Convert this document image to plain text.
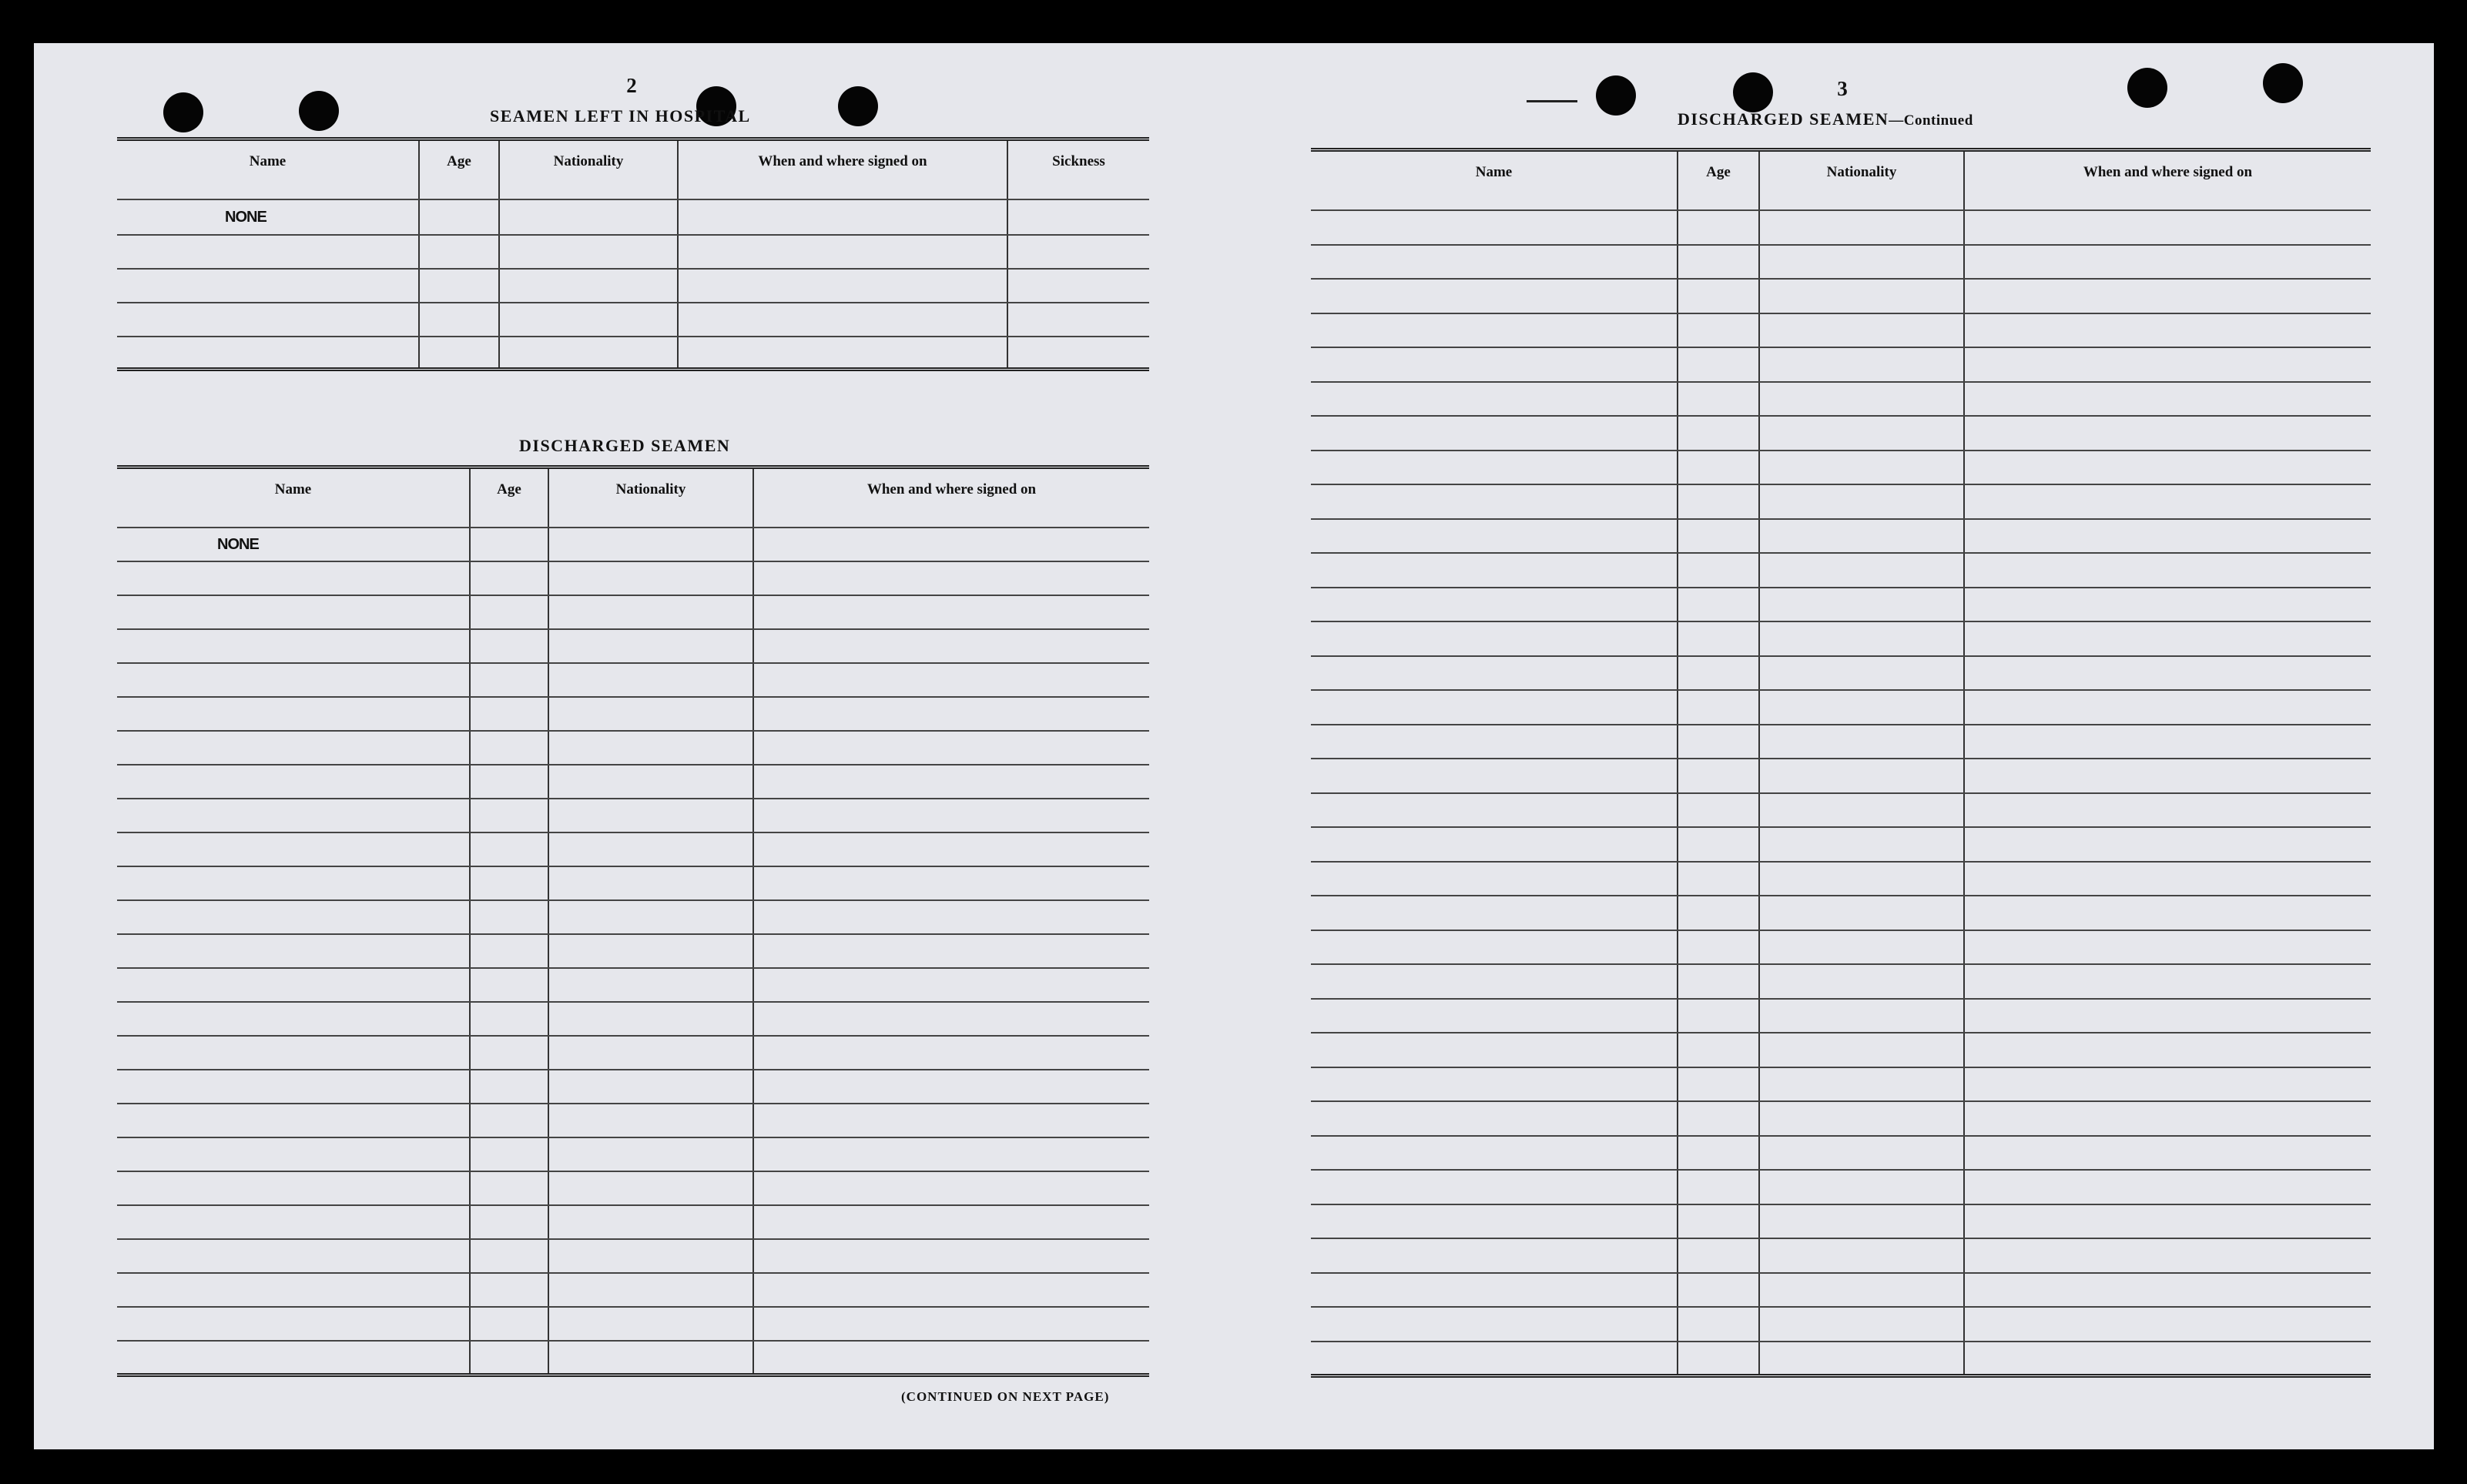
2
SEAMEN LEFT IN HOSPITAL
Name	Age	Nationality	When and where signed on	Sickness
NONE				

DISCHARGED SEAMEN
Name	Age	Nationality	When and where signed on
NONE			

(CONTINUED ON NEXT PAGE)
3
DISCHARGED SEAMEN—Continued
Name	Age	Nationality	When and where signed on
